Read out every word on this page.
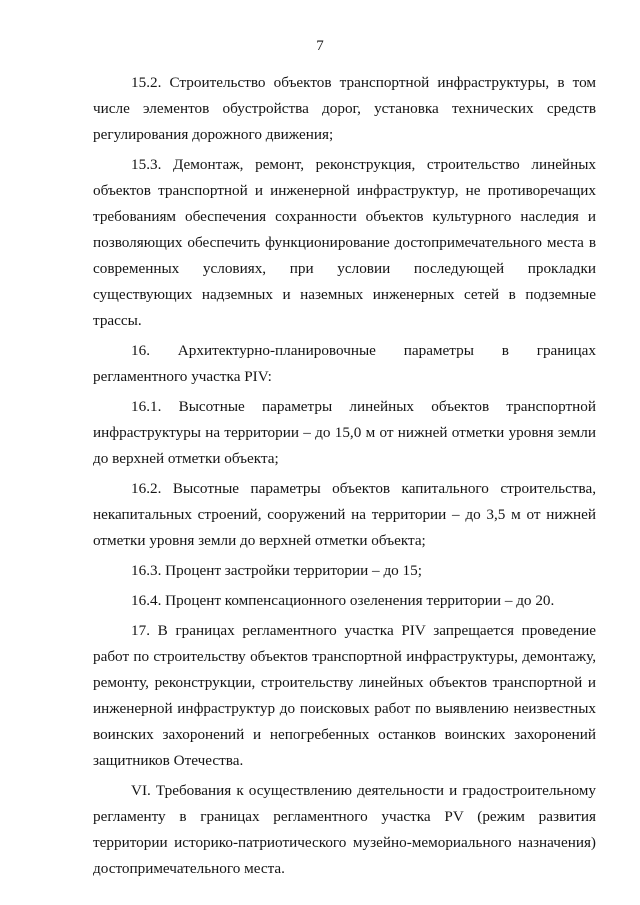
7

15.2. Строительство объектов транспортной инфраструктуры, в том числе элементов обустройства дорог, установка технических средств регулирования дорожного движения;

15.3. Демонтаж, ремонт, реконструкция, строительство линейных объектов транспортной и инженерной инфраструктур, не противоречащих требованиям обеспечения сохранности объектов культурного наследия и позволяющих обеспечить функционирование достопримечательного места в современных условиях, при условии последующей прокладки существующих надземных и наземных инженерных сетей в подземные трассы.

16. Архитектурно-планировочные параметры в границах регламентного участка PIV:

16.1. Высотные параметры линейных объектов транспортной инфраструктуры на территории – до 15,0 м от нижней отметки уровня земли до верхней отметки объекта;

16.2. Высотные параметры объектов капитального строительства, некапитальных строений, сооружений на территории – до 3,5 м от нижней отметки уровня земли до верхней отметки объекта;

16.3. Процент застройки территории – до 15;

16.4. Процент компенсационного озеленения территории – до 20.

17. В границах регламентного участка PIV запрещается проведение работ по строительству объектов транспортной инфраструктуры, демонтажу, ремонту, реконструкции, строительству линейных объектов транспортной и инженерной инфраструктур до поисковых работ по выявлению неизвестных воинских захоронений и непогребенных останков воинских захоронений защитников Отечества.

VI. Требования к осуществлению деятельности и градостроительному регламенту в границах регламентного участка PV (режим развития территории историко-патриотического музейно-мемориального назначения) достопримечательного места.
